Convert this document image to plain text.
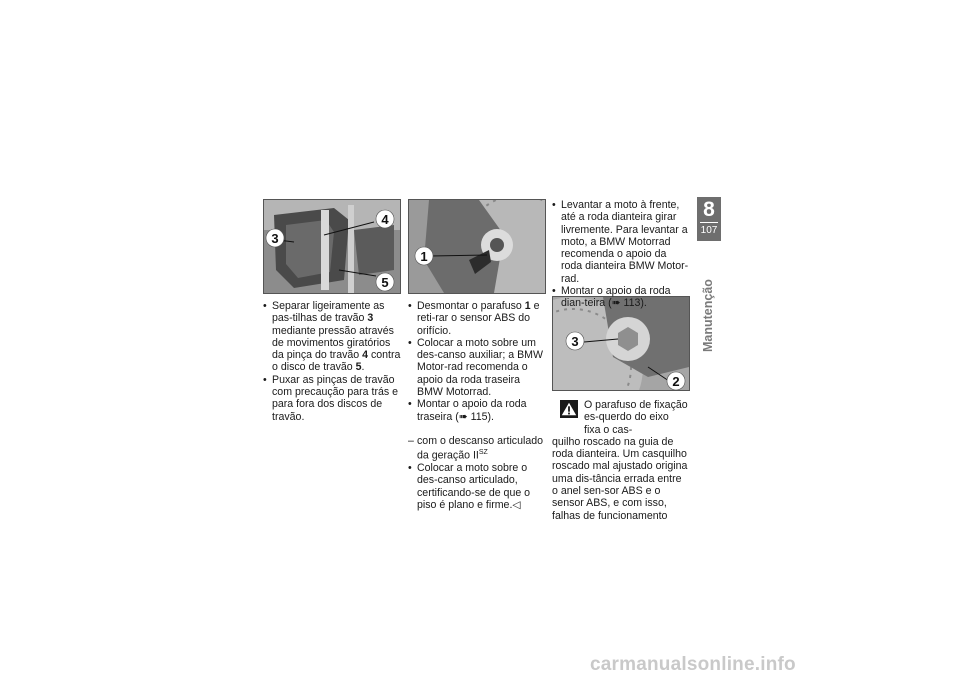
4
3
5
1
3
2
• Separar ligeiramente as pas-tilhas de travão 3 mediante pressão através de movimentos giratórios da pinça do travão 4 contra o disco de travão 5.
• Puxar as pinças de travão com precaução para trás e para fora dos discos de travão.
• Desmontar o parafuso 1 e reti-rar o sensor ABS do orifício.
• Colocar a moto sobre um des-canso auxiliar; a BMW Motor-rad recomenda o apoio da roda traseira BMW Motorrad.
• Montar o apoio da roda traseira (➠ 115).
– com o descanso articulado da geração $II^{SZ}$
• Colocar a moto sobre o des-canso articulado, certificando-se de que o piso é plano e firme.◁
• Levantar a moto à frente, até a roda dianteira girar livremente. Para levantar a moto, a BMW Motorrad recomenda o apoio da roda dianteira BMW Motor-rad.
• Montar o apoio da roda dian-teira (➠ 113).

O parafuso de fixação es-querdo do eixo fixa o cas-

quilho roscado na guia de roda dianteira. Um casquilho roscado mal ajustado origina uma dis-tância errada entre o anel sen-sor ABS e o sensor ABS, e com isso, falhas de funcionamento

8
107
Manutenção
carmanualsonline.info
